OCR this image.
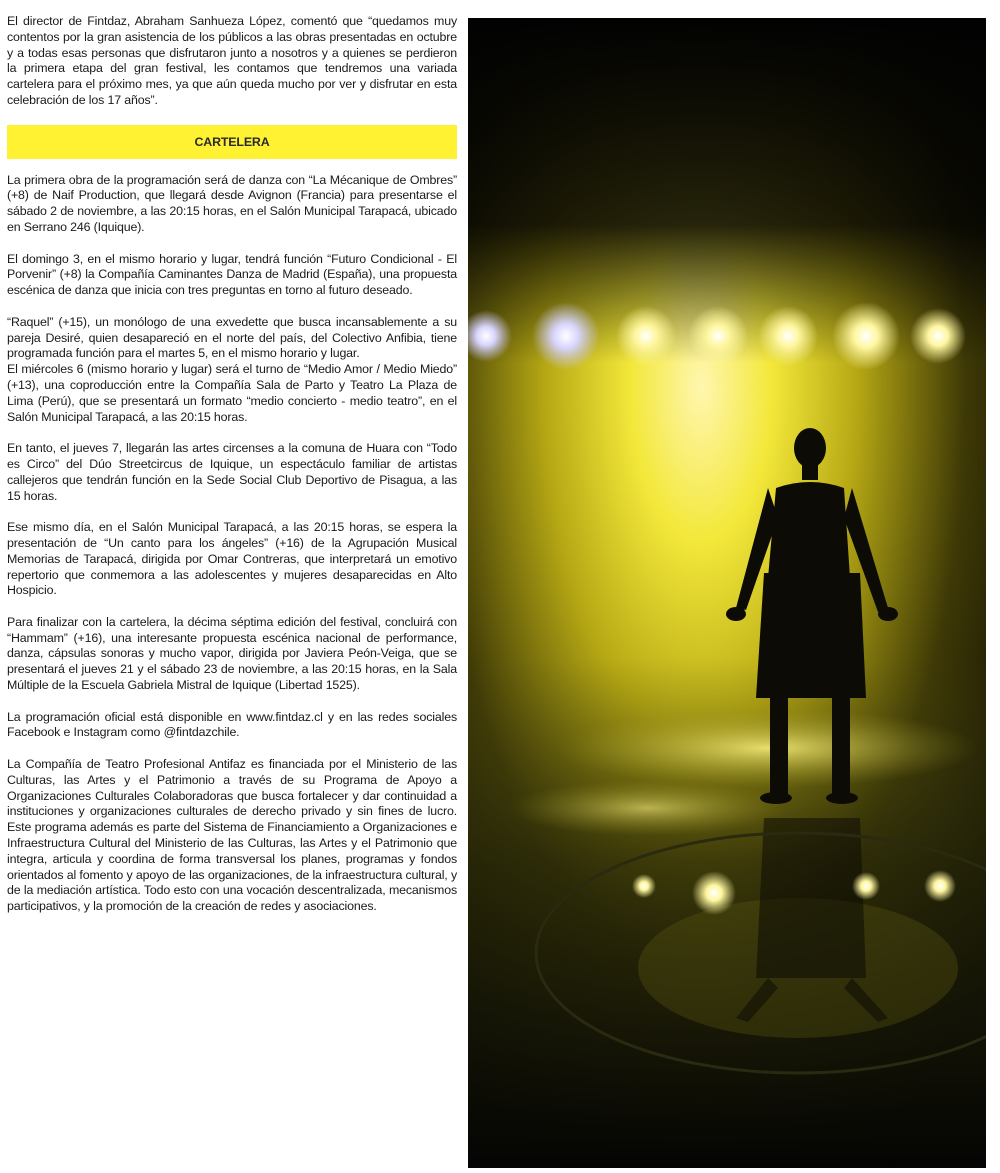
El director de Fintdaz, Abraham Sanhueza López, comentó que “quedamos muy contentos por la gran asistencia de los públicos a las obras presentadas en octubre y a todas esas personas que disfrutaron junto a nosotros y a quienes se perdieron la primera etapa del gran festival, les contamos que tendremos una variada cartelera para el próximo mes, ya que aún queda mucho por ver y disfrutar en esta celebración de los 17 años”.

CARTELERA

La primera obra de la programación será de danza con “La Mécanique de Ombres” (+8) de Naif Production, que llegará desde Avignon (Francia) para presentarse el sábado 2 de noviembre, a las 20:15 horas, en el Salón Municipal Tarapacá, ubicado en Serrano 246 (Iquique).

El domingo 3, en el mismo horario y lugar, tendrá función “Futuro Condicional - El Porvenir” (+8) la Compañía Caminantes Danza de Madrid (España), una propuesta escénica de danza que inicia con tres preguntas en torno al futuro deseado.

“Raquel” (+15), un monólogo de una exvedette que busca incansablemente a su pareja Desiré, quien desapareció en el norte del país, del Colectivo Anfibia, tiene programada función para el martes 5, en el mismo horario y lugar.

El miércoles 6 (mismo horario y lugar) será el turno de “Medio Amor / Medio Miedo” (+13), una coproducción entre la Compañía Sala de Parto y Teatro La Plaza de Lima (Perú), que se presentará un formato “medio concierto - medio teatro”, en el Salón Municipal Tarapacá, a las 20:15 horas.

En tanto, el jueves 7, llegarán las artes circenses a la comuna de Huara con “Todo es Circo” del Dúo Streetcircus de Iquique, un espectáculo familiar de artistas callejeros que tendrán función en la Sede Social Club Deportivo de Pisagua, a las 15 horas.

Ese mismo día, en el Salón Municipal Tarapacá, a las 20:15 horas, se espera la presentación de “Un canto para los ángeles” (+16) de la Agrupación Musical Memorias de Tarapacá, dirigida por Omar Contreras, que interpretará un emotivo repertorio que conmemora a las adolescentes y mujeres desaparecidas en Alto Hospicio.

Para finalizar con la cartelera, la décima séptima edición del festival, concluirá con “Hammam” (+16), una interesante propuesta escénica nacional de performance, danza, cápsulas sonoras y mucho vapor, dirigida por Javiera Peón-Veiga, que se presentará el jueves 21 y el sábado 23 de noviembre, a las 20:15 horas, en la Sala Múltiple de la Escuela Gabriela Mistral de Iquique (Libertad 1525).

La programación oficial está disponible en www.fintdaz.cl y en las redes sociales Facebook e Instagram como @fintdazchile.

La Compañía de Teatro Profesional Antifaz es financiada por el Ministerio de las Culturas, las Artes y el Patrimonio a través de su Programa de Apoyo a Organizaciones Culturales Colaboradoras que busca fortalecer y dar continuidad a instituciones y organizaciones culturales de derecho privado y sin fines de lucro. Este programa además es parte del Sistema de Financiamiento a Organizaciones e Infraestructura Cultural del Ministerio de las Culturas, las Artes y el Patrimonio que integra, articula y coordina de forma transversal los planes, programas y fondos orientados al fomento y apoyo de las organizaciones, de la infraestructura cultural, y de la mediación artística. Todo esto con una vocación descentralizada, mecanismos participativos, y la promoción de la creación de redes y asociaciones.
